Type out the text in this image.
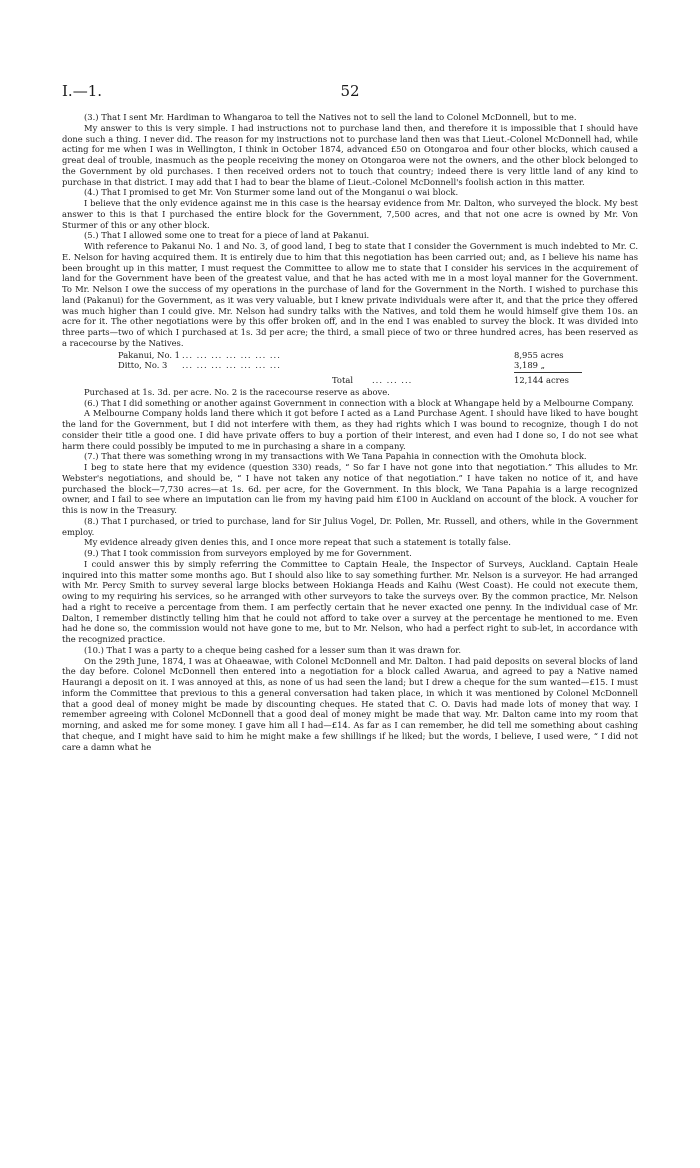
I.—1.	52

(3.) That I sent Mr. Hardiman to Whangaroa to tell the Natives not to sell the land to Colonel McDonnell, but to me.

My answer to this is very simple. I had instructions not to purchase land then, and therefore it is impossible that I should have done such a thing. I never did. The reason for my instructions not to purchase land then was that Lieut.-Colonel McDonnell had, while acting for me when I was in Wellington, I think in October 1874, advanced £50 on Otongaroa and four other blocks, which caused a great deal of trouble, inasmuch as the people receiving the money on Otongaroa were not the owners, and the other block belonged to the Government by old purchases. I then received orders not to touch that country; indeed there is very little land of any kind to purchase in that district. I may add that I had to bear the blame of Lieut.-Colonel McDonnell's foolish action in this matter.

(4.) That I promised to get Mr. Von Sturmer some land out of the Monganui o wai block.

I believe that the only evidence against me in this case is the hearsay evidence from Mr. Dalton, who surveyed the block. My best answer to this is that I purchased the entire block for the Government, 7,500 acres, and that not one acre is owned by Mr. Von Sturmer of this or any other block.

(5.) That I allowed some one to treat for a piece of land at Pakanui.

With reference to Pakanui No. 1 and No. 3, of good land, I beg to state that I consider the Government is much indebted to Mr. C. E. Nelson for having acquired them. It is entirely due to him that this negotiation has been carried out; and, as I believe his name has been brought up in this matter, I must request the Committee to allow me to state that I consider his services in the acquirement of land for the Government have been of the greatest value, and that he has acted with me in a most loyal manner for the Government. To Mr. Nelson I owe the success of my operations in the purchase of land for the Government in the North. I wished to purchase this land (Pakanui) for the Government, as it was very valuable, but I knew private individuals were after it, and that the price they offered was much higher than I could give. Mr. Nelson had sundry talks with the Natives, and told them he would himself give them 10s. an acre for it. The other negotiations were by this offer broken off, and in the end I was enabled to survey the block. It was divided into three parts—two of which I purchased at 1s. 3d per acre; the third, a small piece of two or three hundred acres, has been reserved as a racecourse by the Natives.

Pakanui, No. 1 ... ... ... ... ... ... ...	8,955 acres
Ditto, No. 3 ... ... ... ... ... ... ...	3,189 „
Total ... ... ...	12,144 acres

Purchased at 1s. 3d. per acre. No. 2 is the racecourse reserve as above.

(6.) That I did something or another against Government in connection with a block at Whangape held by a Melbourne Company.

A Melbourne Company holds land there which it got before I acted as a Land Purchase Agent. I should have liked to have bought the land for the Government, but I did not interfere with them, as they had rights which I was bound to recognize, though I do not consider their title a good one. I did have private offers to buy a portion of their interest, and even had I done so, I do not see what harm there could possibly be imputed to me in purchasing a share in a company.

(7.) That there was something wrong in my transactions with We Tana Papahia in connection with the Omohuta block.

I beg to state here that my evidence (question 330) reads, “ So far I have not gone into that negotiation.” This alludes to Mr. Webster's negotiations, and should be, “ I have not taken any notice of that negotiation.” I have taken no notice of it, and have purchased the block—7,730 acres—at 1s. 6d. per acre, for the Government. In this block, We Tana Papahia is a large recognized owner, and I fail to see where an imputation can lie from my having paid him £100 in Auckland on account of the block. A voucher for this is now in the Treasury.

(8.) That I purchased, or tried to purchase, land for Sir Julius Vogel, Dr. Pollen, Mr. Russell, and others, while in the Government employ.

My evidence already given denies this, and I once more repeat that such a statement is totally false.

(9.) That I took commission from surveyors employed by me for Government.

I could answer this by simply referring the Committee to Captain Heale, the Inspector of Surveys, Auckland. Captain Heale inquired into this matter some months ago. But I should also like to say something further. Mr. Nelson is a surveyor. He had arranged with Mr. Percy Smith to survey several large blocks between Hokianga Heads and Kaihu (West Coast). He could not execute them, owing to my requiring his services, so he arranged with other surveyors to take the surveys over. By the common practice, Mr. Nelson had a right to receive a percentage from them. I am perfectly certain that he never exacted one penny. In the individual case of Mr. Dalton, I remember distinctly telling him that he could not afford to take over a survey at the percentage he mentioned to me. Even had he done so, the commission would not have gone to me, but to Mr. Nelson, who had a perfect right to sub-let, in accordance with the recognized practice.

(10.) That I was a party to a cheque being cashed for a lesser sum than it was drawn for.

On the 29th June, 1874, I was at Ohaeawae, with Colonel McDonnell and Mr. Dalton. I had paid deposits on several blocks of land the day before. Colonel McDonnell then entered into a negotiation for a block called Awarua, and agreed to pay a Native named Haurangi a deposit on it. I was annoyed at this, as none of us had seen the land; but I drew a cheque for the sum wanted—£15. I must inform the Committee that previous to this a general conversation had taken place, in which it was mentioned by Colonel McDonnell that a good deal of money might be made by discounting cheques. He stated that C. O. Davis had made lots of money that way. I remember agreeing with Colonel McDonnell that a good deal of money might be made that way. Mr. Dalton came into my room that morning, and asked me for some money. I gave him all I had—£14. As far as I can remember, he did tell me something about cashing that cheque, and I might have said to him he might make a few shillings if he liked; but the words, I believe, I used were, “ I did not care a damn what he
